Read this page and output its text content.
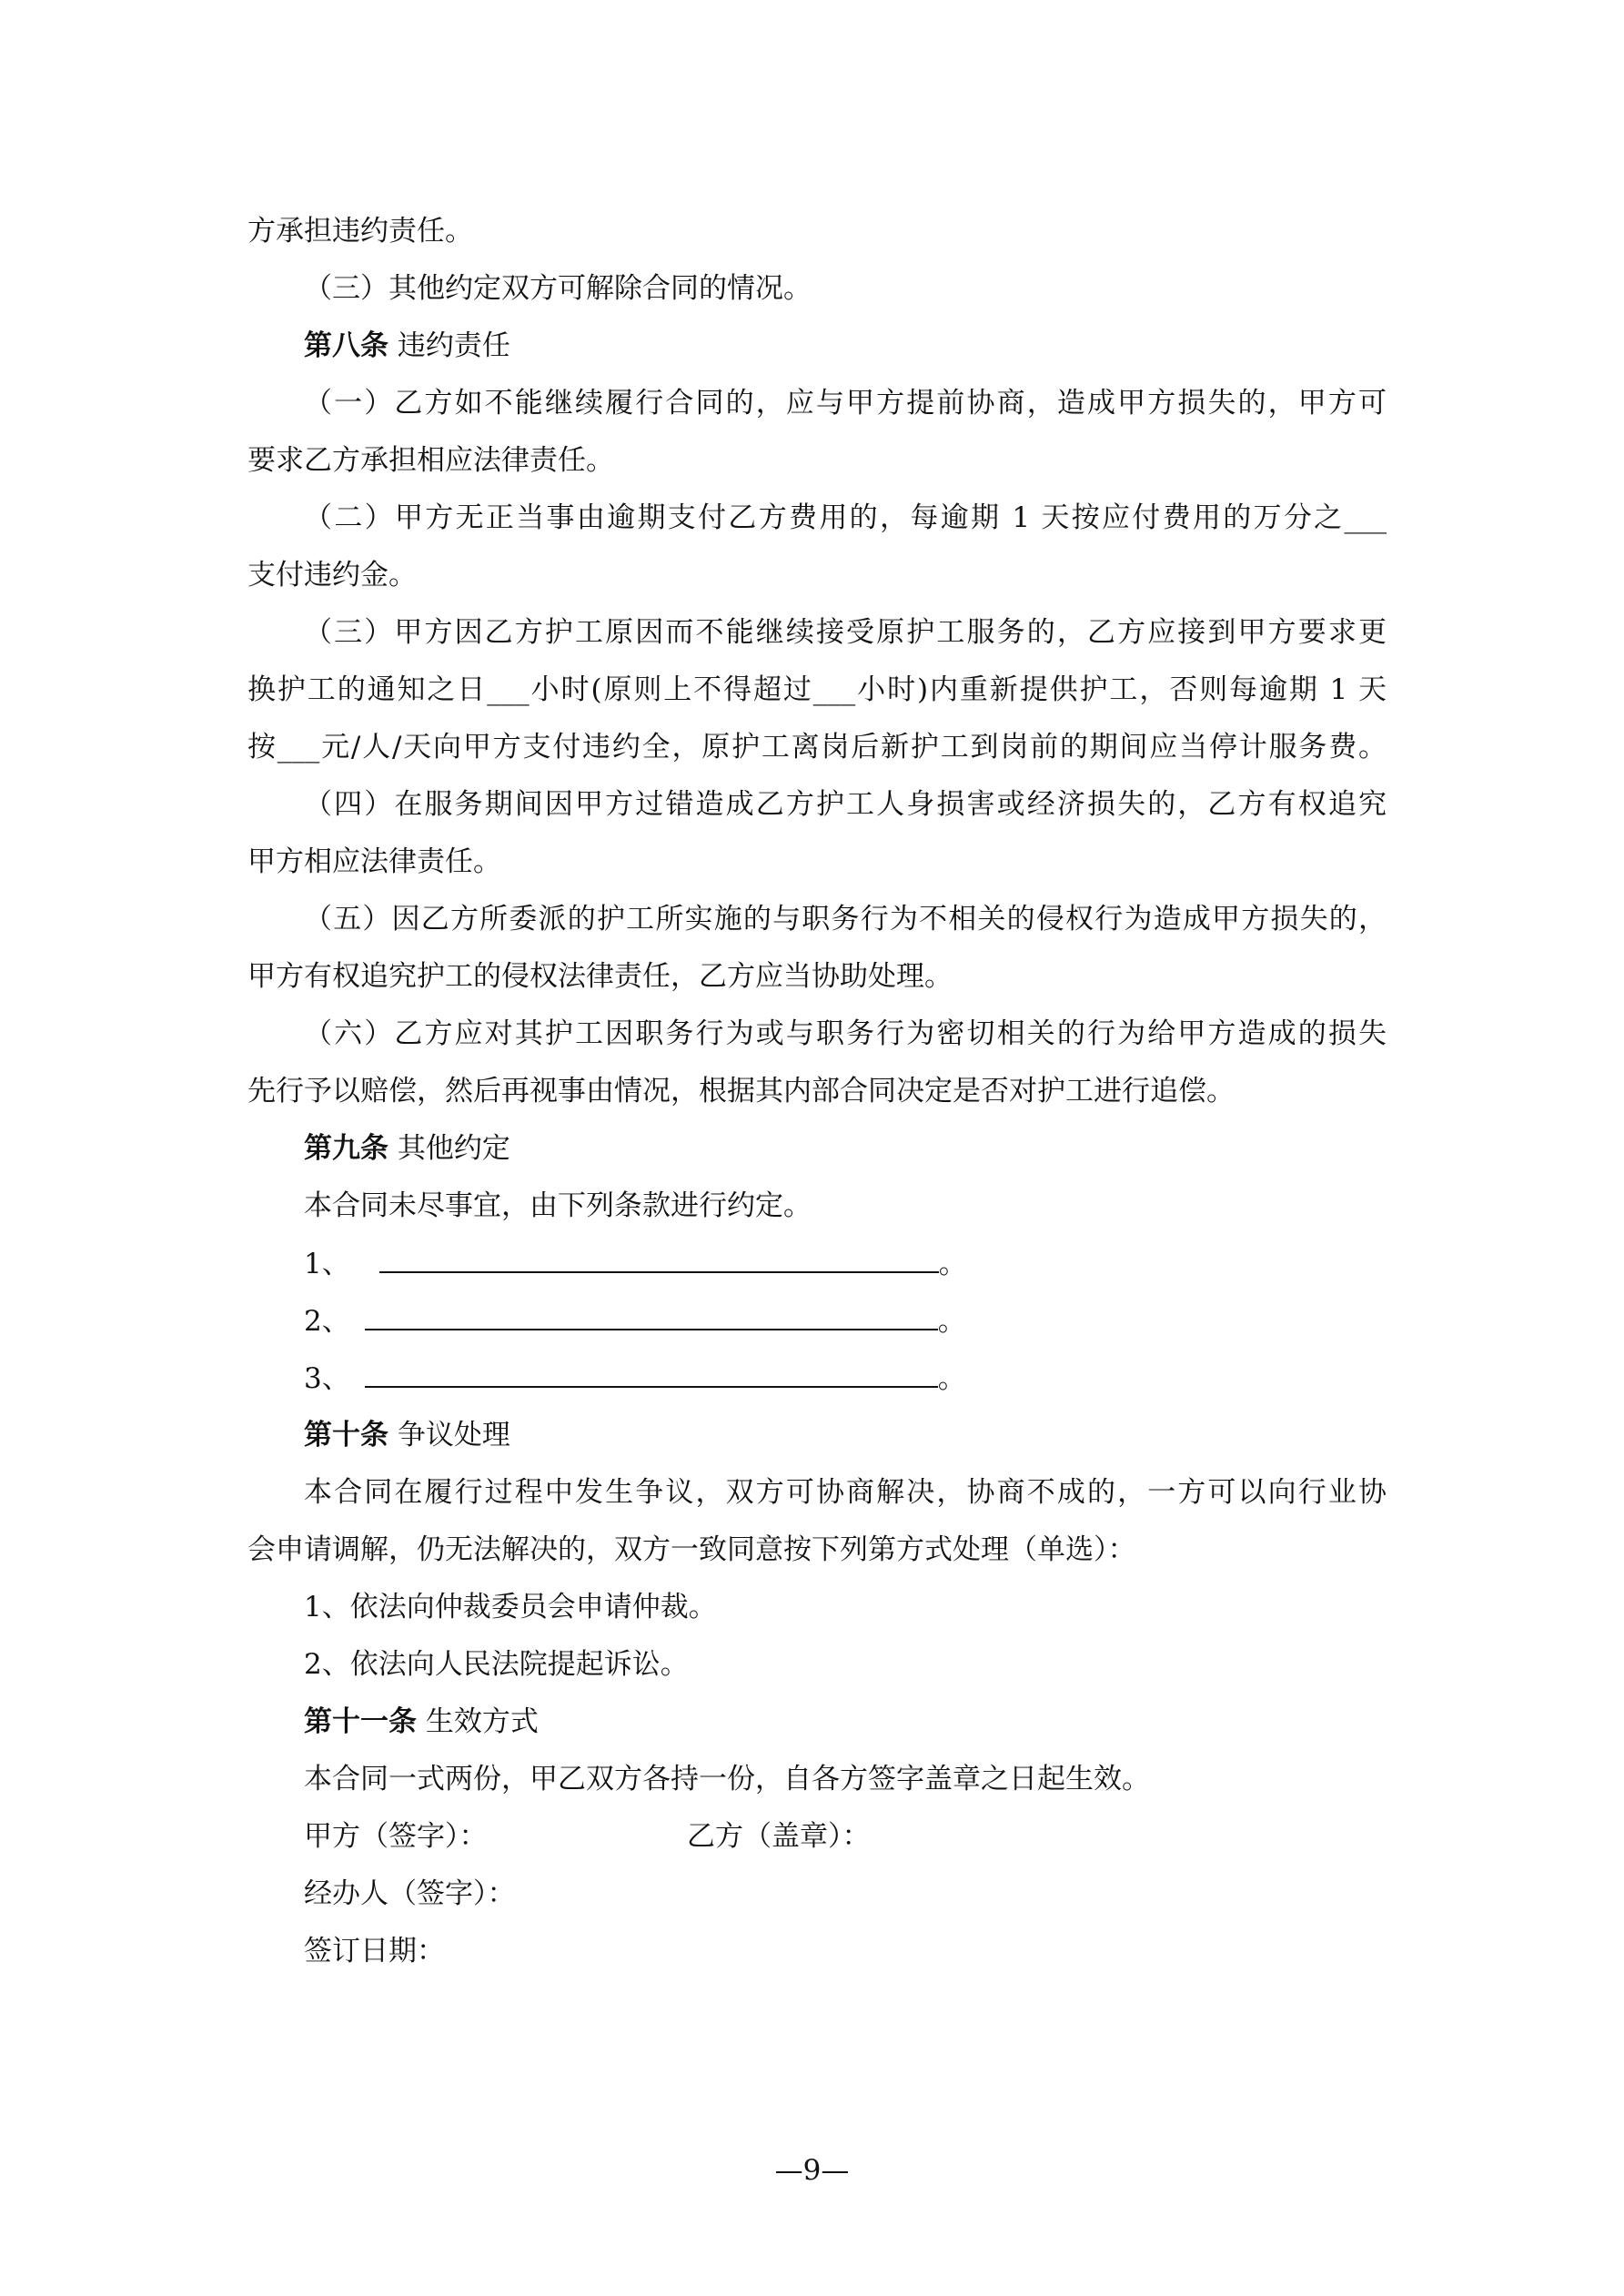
方承担违约责任。
（三）其他约定双方可解除合同的情况。
第八条 违约责任
（一）乙方如不能继续履行合同的，应与甲方提前协商，造成甲方损失的，甲方可
要求乙方承担相应法律责任。
（二）甲方无正当事由逾期支付乙方费用的，每逾期 1 天按应付费用的万分之___
支付违约金。
（三）甲方因乙方护工原因而不能继续接受原护工服务的，乙方应接到甲方要求更
换护工的通知之日___小时(原则上不得超过___小时)内重新提供护工，否则每逾期 1 天
按___元/人/天向甲方支付违约全，原护工离岗后新护工到岗前的期间应当停计服务费。
（四）在服务期间因甲方过错造成乙方护工人身损害或经济损失的，乙方有权追究
甲方相应法律责任。
（五）因乙方所委派的护工所实施的与职务行为不相关的侵权行为造成甲方损失的，
甲方有权追究护工的侵权法律责任，乙方应当协助处理。
（六）乙方应对其护工因职务行为或与职务行为密切相关的行为给甲方造成的损失
先行予以赔偿，然后再视事由情况，根据其内部合同决定是否对护工进行追偿。
第九条 其他约定
本合同未尽事宜，由下列条款进行约定。
1、	。
2、	。
3、	。
第十条 争议处理
本合同在履行过程中发生争议，双方可协商解决，协商不成的，一方可以向行业协
会申请调解，仍无法解决的，双方一致同意按下列第方式处理（单选）：
1、依法向仲裁委员会申请仲裁。
2、依法向人民法院提起诉讼。
第十一条 生效方式
本合同一式两份，甲乙双方各持一份，自各方签字盖章之日起生效。
甲方（签字）：	乙方（盖章）：
经办人（签字）：
签订日期：
—9—
